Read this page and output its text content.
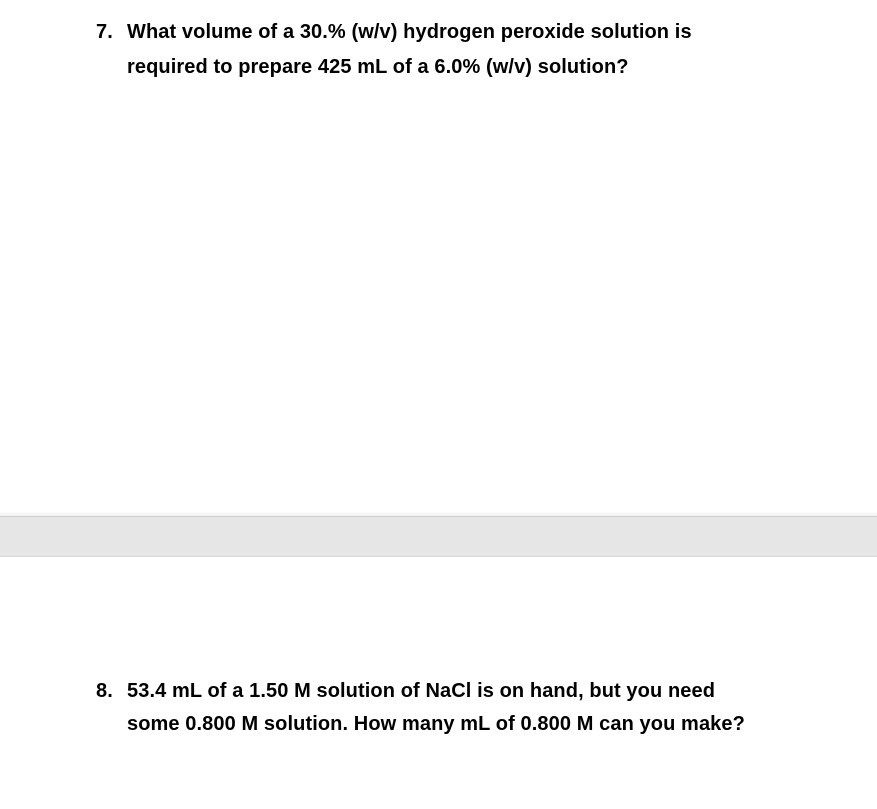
7. What volume of a 30.% (w/v) hydrogen peroxide solution is
required to prepare 425 mL of a 6.0% (w/v) solution?
8. 53.4 mL of a 1.50 M solution of NaCl is on hand, but you need
some 0.800 M solution. How many mL of 0.800 M can you make?
